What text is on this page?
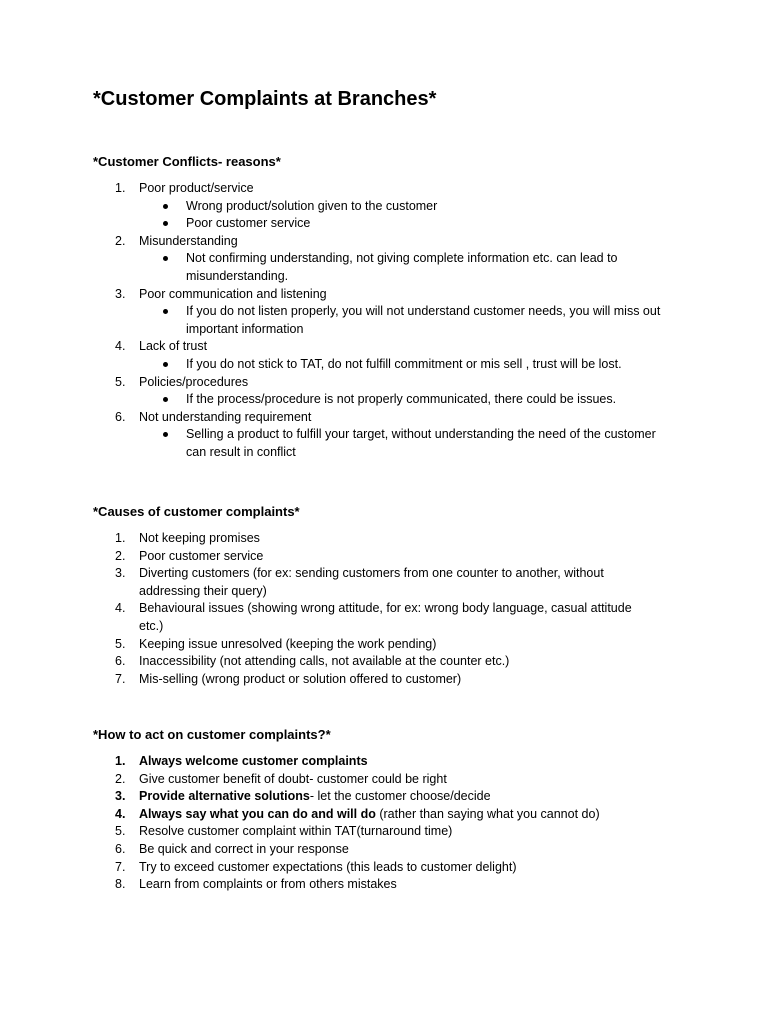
*Customer Complaints at Branches*

*Customer Conflicts- reasons*

1. Poor product/service
Wrong product/solution given to the customer
Poor customer service
2. Misunderstanding
Not confirming understanding, not giving complete information etc. can lead to misunderstanding.
3. Poor communication and listening
If you do not listen properly, you will not understand customer needs, you will miss out important information
4. Lack of trust
If you do not stick to TAT, do not fulfill commitment or mis sell , trust will be lost.
5. Policies/procedures
If the process/procedure is not properly communicated, there could be issues.
6. Not understanding requirement
Selling a product to fulfill your target, without understanding the need of the customer can result in conflict

*Causes of customer complaints*

1. Not keeping promises
2. Poor customer service
3. Diverting customers (for ex: sending customers from one counter to another, without addressing their query)
4. Behavioural issues (showing wrong attitude, for ex: wrong body language, casual attitude etc.)
5. Keeping issue unresolved (keeping the work pending)
6. Inaccessibility (not attending calls, not available at the counter etc.)
7. Mis-selling (wrong product or solution offered to customer)

*How to act on customer complaints?*

1. Always welcome customer complaints
2. Give customer benefit of doubt- customer could be right
3. Provide alternative solutions- let the customer choose/decide
4. Always say what you can do and will do (rather than saying what you cannot do)
5. Resolve customer complaint within TAT(turnaround time)
6. Be quick and correct in your response
7. Try to exceed customer expectations (this leads to customer delight)
8. Learn from complaints or from others mistakes
